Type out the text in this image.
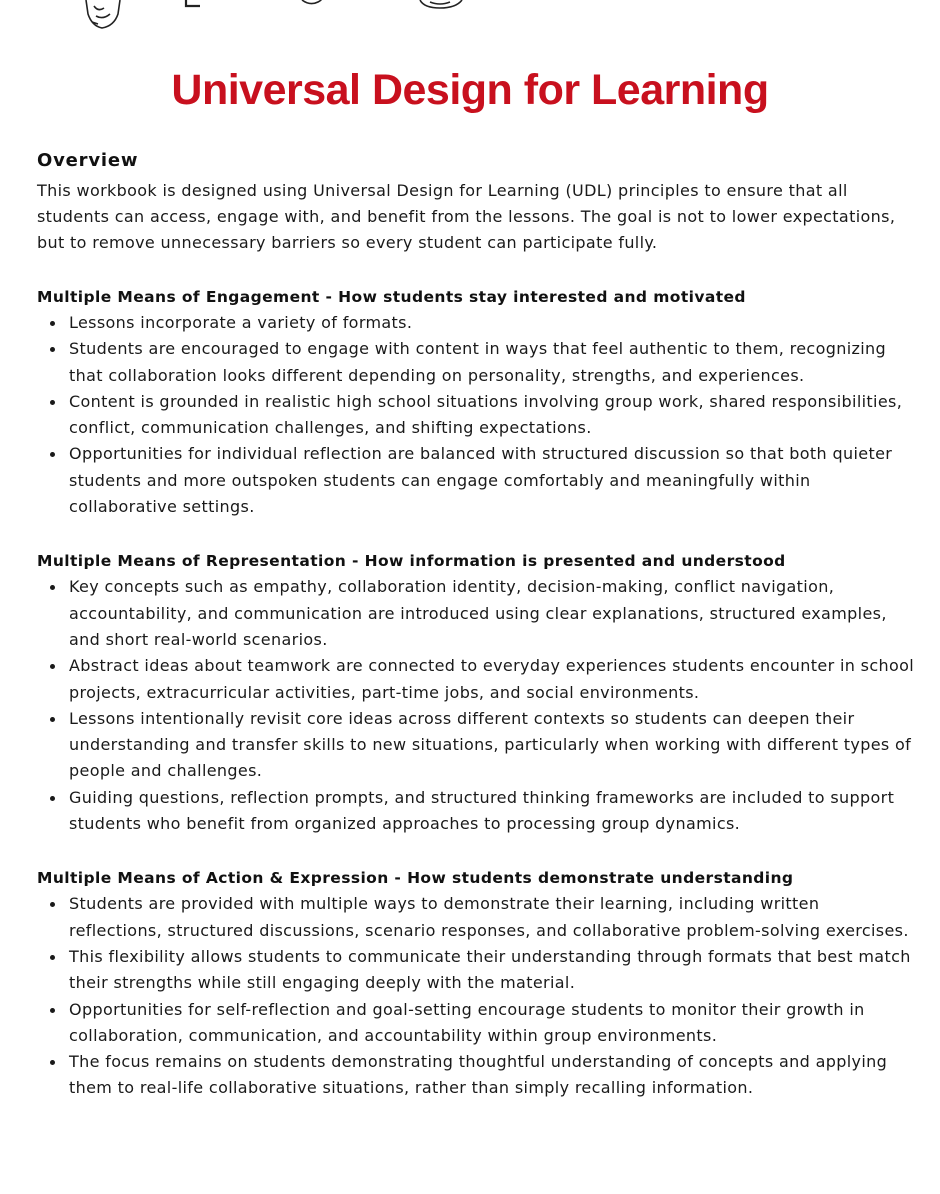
Universal Design for Learning
Overview

This workbook is designed using Universal Design for Learning (UDL) principles to ensure that all students can access, engage with, and benefit from the lessons. The goal is not to lower expectations, but to remove unnecessary barriers so every student can participate fully.

Multiple Means of Engagement - How students stay interested and motivated
Lessons incorporate a variety of formats.
Students are encouraged to engage with content in ways that feel authentic to them, recognizing that collaboration looks different depending on personality, strengths, and experiences.
Content is grounded in realistic high school situations involving group work, shared responsibilities, conflict, communication challenges, and shifting expectations.
Opportunities for individual reflection are balanced with structured discussion so that both quieter students and more outspoken students can engage comfortably and meaningfully within collaborative settings.
Multiple Means of Representation - How information is presented and understood
Key concepts such as empathy, collaboration identity, decision-making, conflict navigation, accountability, and communication are introduced using clear explanations, structured examples, and short real-world scenarios.
Abstract ideas about teamwork are connected to everyday experiences students encounter in school projects, extracurricular activities, part-time jobs, and social environments.
Lessons intentionally revisit core ideas across different contexts so students can deepen their understanding and transfer skills to new situations, particularly when working with different types of people and challenges.
Guiding questions, reflection prompts, and structured thinking frameworks are included to support students who benefit from organized approaches to processing group dynamics.
Multiple Means of Action & Expression - How students demonstrate understanding
Students are provided with multiple ways to demonstrate their learning, including written reflections, structured discussions, scenario responses, and collaborative problem-solving exercises.
This flexibility allows students to communicate their understanding through formats that best match their strengths while still engaging deeply with the material.
Opportunities for self-reflection and goal-setting encourage students to monitor their growth in collaboration, communication, and accountability within group environments.
The focus remains on students demonstrating thoughtful understanding of concepts and applying them to real-life collaborative situations, rather than simply recalling information.
